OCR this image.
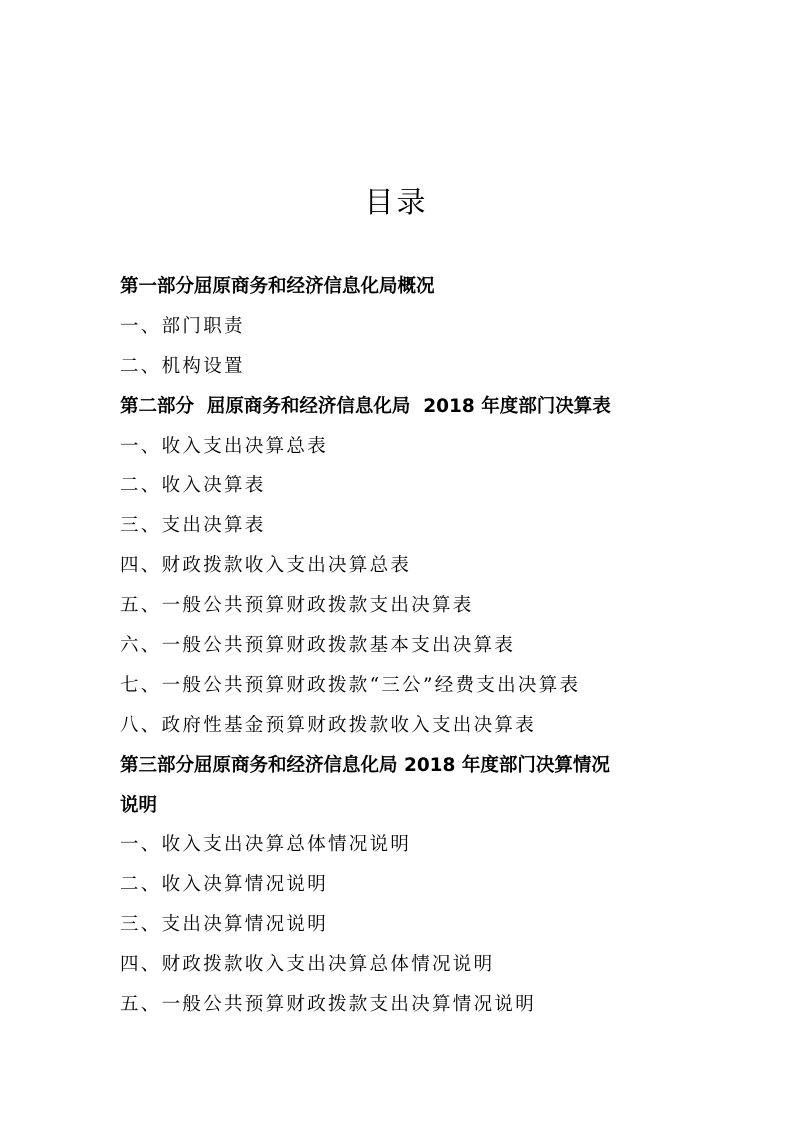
目录
第一部分屈原商务和经济信息化局概况
一、部门职责
二、机构设置
第二部分  屈原商务和经济信息化局  2018 年度部门决算表
一、收入支出决算总表
二、收入决算表
三、支出决算表
四、财政拨款收入支出决算总表
五、一般公共预算财政拨款支出决算表
六、一般公共预算财政拨款基本支出决算表
七、一般公共预算财政拨款“三公”经费支出决算表
八、政府性基金预算财政拨款收入支出决算表
第三部分屈原商务和经济信息化局 2018 年度部门决算情况
说明
一、收入支出决算总体情况说明
二、收入决算情况说明
三、支出决算情况说明
四、财政拨款收入支出决算总体情况说明
五、一般公共预算财政拨款支出决算情况说明
